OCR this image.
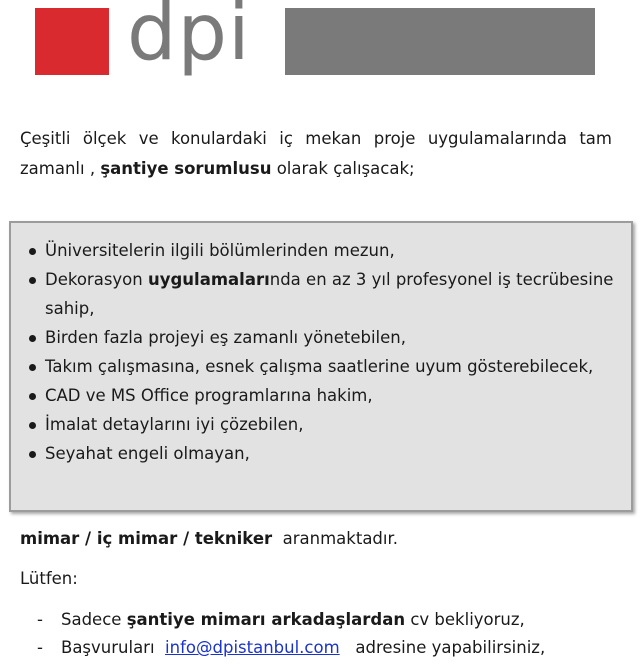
dpi
Çeşitli ölçek ve konulardaki iç mekan proje uygulamalarında tam zamanlı , şantiye sorumlusu olarak çalışacak;
Üniversitelerin ilgili bölümlerinden mezun,
Dekorasyon uygulamalarında en az 3 yıl profesyonel iş tecrübesine sahip,
Birden fazla projeyi eş zamanlı yönetebilen,
Takım çalışmasına, esnek çalışma saatlerine uyum gösterebilecek,
CAD ve MS Office programlarına hakim,
İmalat detaylarını iyi çözebilen,
Seyahat engeli olmayan,
mimar / iç mimar / tekniker  aranmaktadır.
Lütfen:
- Sadece şantiye mimarı arkadaşlardan cv bekliyoruz,
- Başvuruları  info@dpistanbul.com   adresine yapabilirsiniz,
